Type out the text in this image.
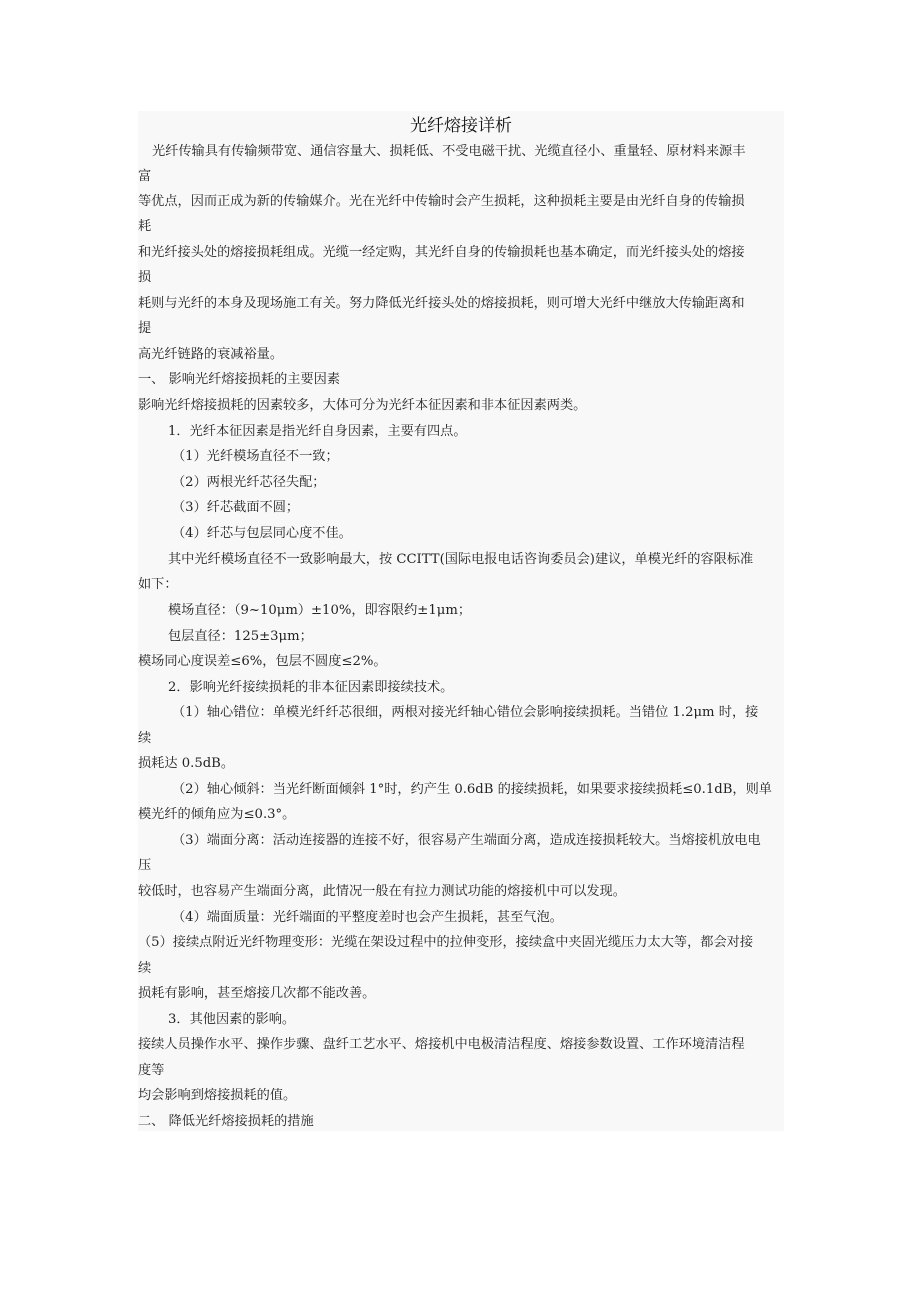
光纤熔接详析
光纤传输具有传输频带宽、通信容量大、损耗低、不受电磁干扰、光缆直径小、重量轻、原材料来源丰
富
等优点，因而正成为新的传输媒介。光在光纤中传输时会产生损耗，这种损耗主要是由光纤自身的传输损
耗
和光纤接头处的熔接损耗组成。光缆一经定购，其光纤自身的传输损耗也基本确定，而光纤接头处的熔接
损
耗则与光纤的本身及现场施工有关。努力降低光纤接头处的熔接损耗，则可增大光纤中继放大传输距离和
提
高光纤链路的衰减裕量。
一、 影响光纤熔接损耗的主要因素
影响光纤熔接损耗的因素较多，大体可分为光纤本征因素和非本征因素两类。
1．光纤本征因素是指光纤自身因素，主要有四点。
（1）光纤模场直径不一致；
（2）两根光纤芯径失配；
（3）纤芯截面不圆；
（4）纤芯与包层同心度不佳。
其中光纤模场直径不一致影响最大，按 CCITT(国际电报电话咨询委员会)建议，单模光纤的容限标准
如下：
模场直径：（9~10μm）±10%，即容限约±1μm；
包层直径：125±3μm；
模场同心度误差≤6%，包层不圆度≤2%。
2．影响光纤接续损耗的非本征因素即接续技术。
（1）轴心错位：单模光纤纤芯很细，两根对接光纤轴心错位会影响接续损耗。当错位 1.2μm 时，接
续
损耗达 0.5dB。
（2）轴心倾斜：当光纤断面倾斜 1°时，约产生 0.6dB 的接续损耗，如果要求接续损耗≤0.1dB，则单
模光纤的倾角应为≤0.3°。
（3）端面分离：活动连接器的连接不好，很容易产生端面分离，造成连接损耗较大。当熔接机放电电
压
较低时，也容易产生端面分离，此情况一般在有拉力测试功能的熔接机中可以发现。
（4）端面质量：光纤端面的平整度差时也会产生损耗，甚至气泡。
（5）接续点附近光纤物理变形：光缆在架设过程中的拉伸变形，接续盒中夹固光缆压力太大等，都会对接
续
损耗有影响，甚至熔接几次都不能改善。
3．其他因素的影响。
接续人员操作水平、操作步骤、盘纤工艺水平、熔接机中电极清洁程度、熔接参数设置、工作环境清洁程
度等
均会影响到熔接损耗的值。
二、 降低光纤熔接损耗的措施
